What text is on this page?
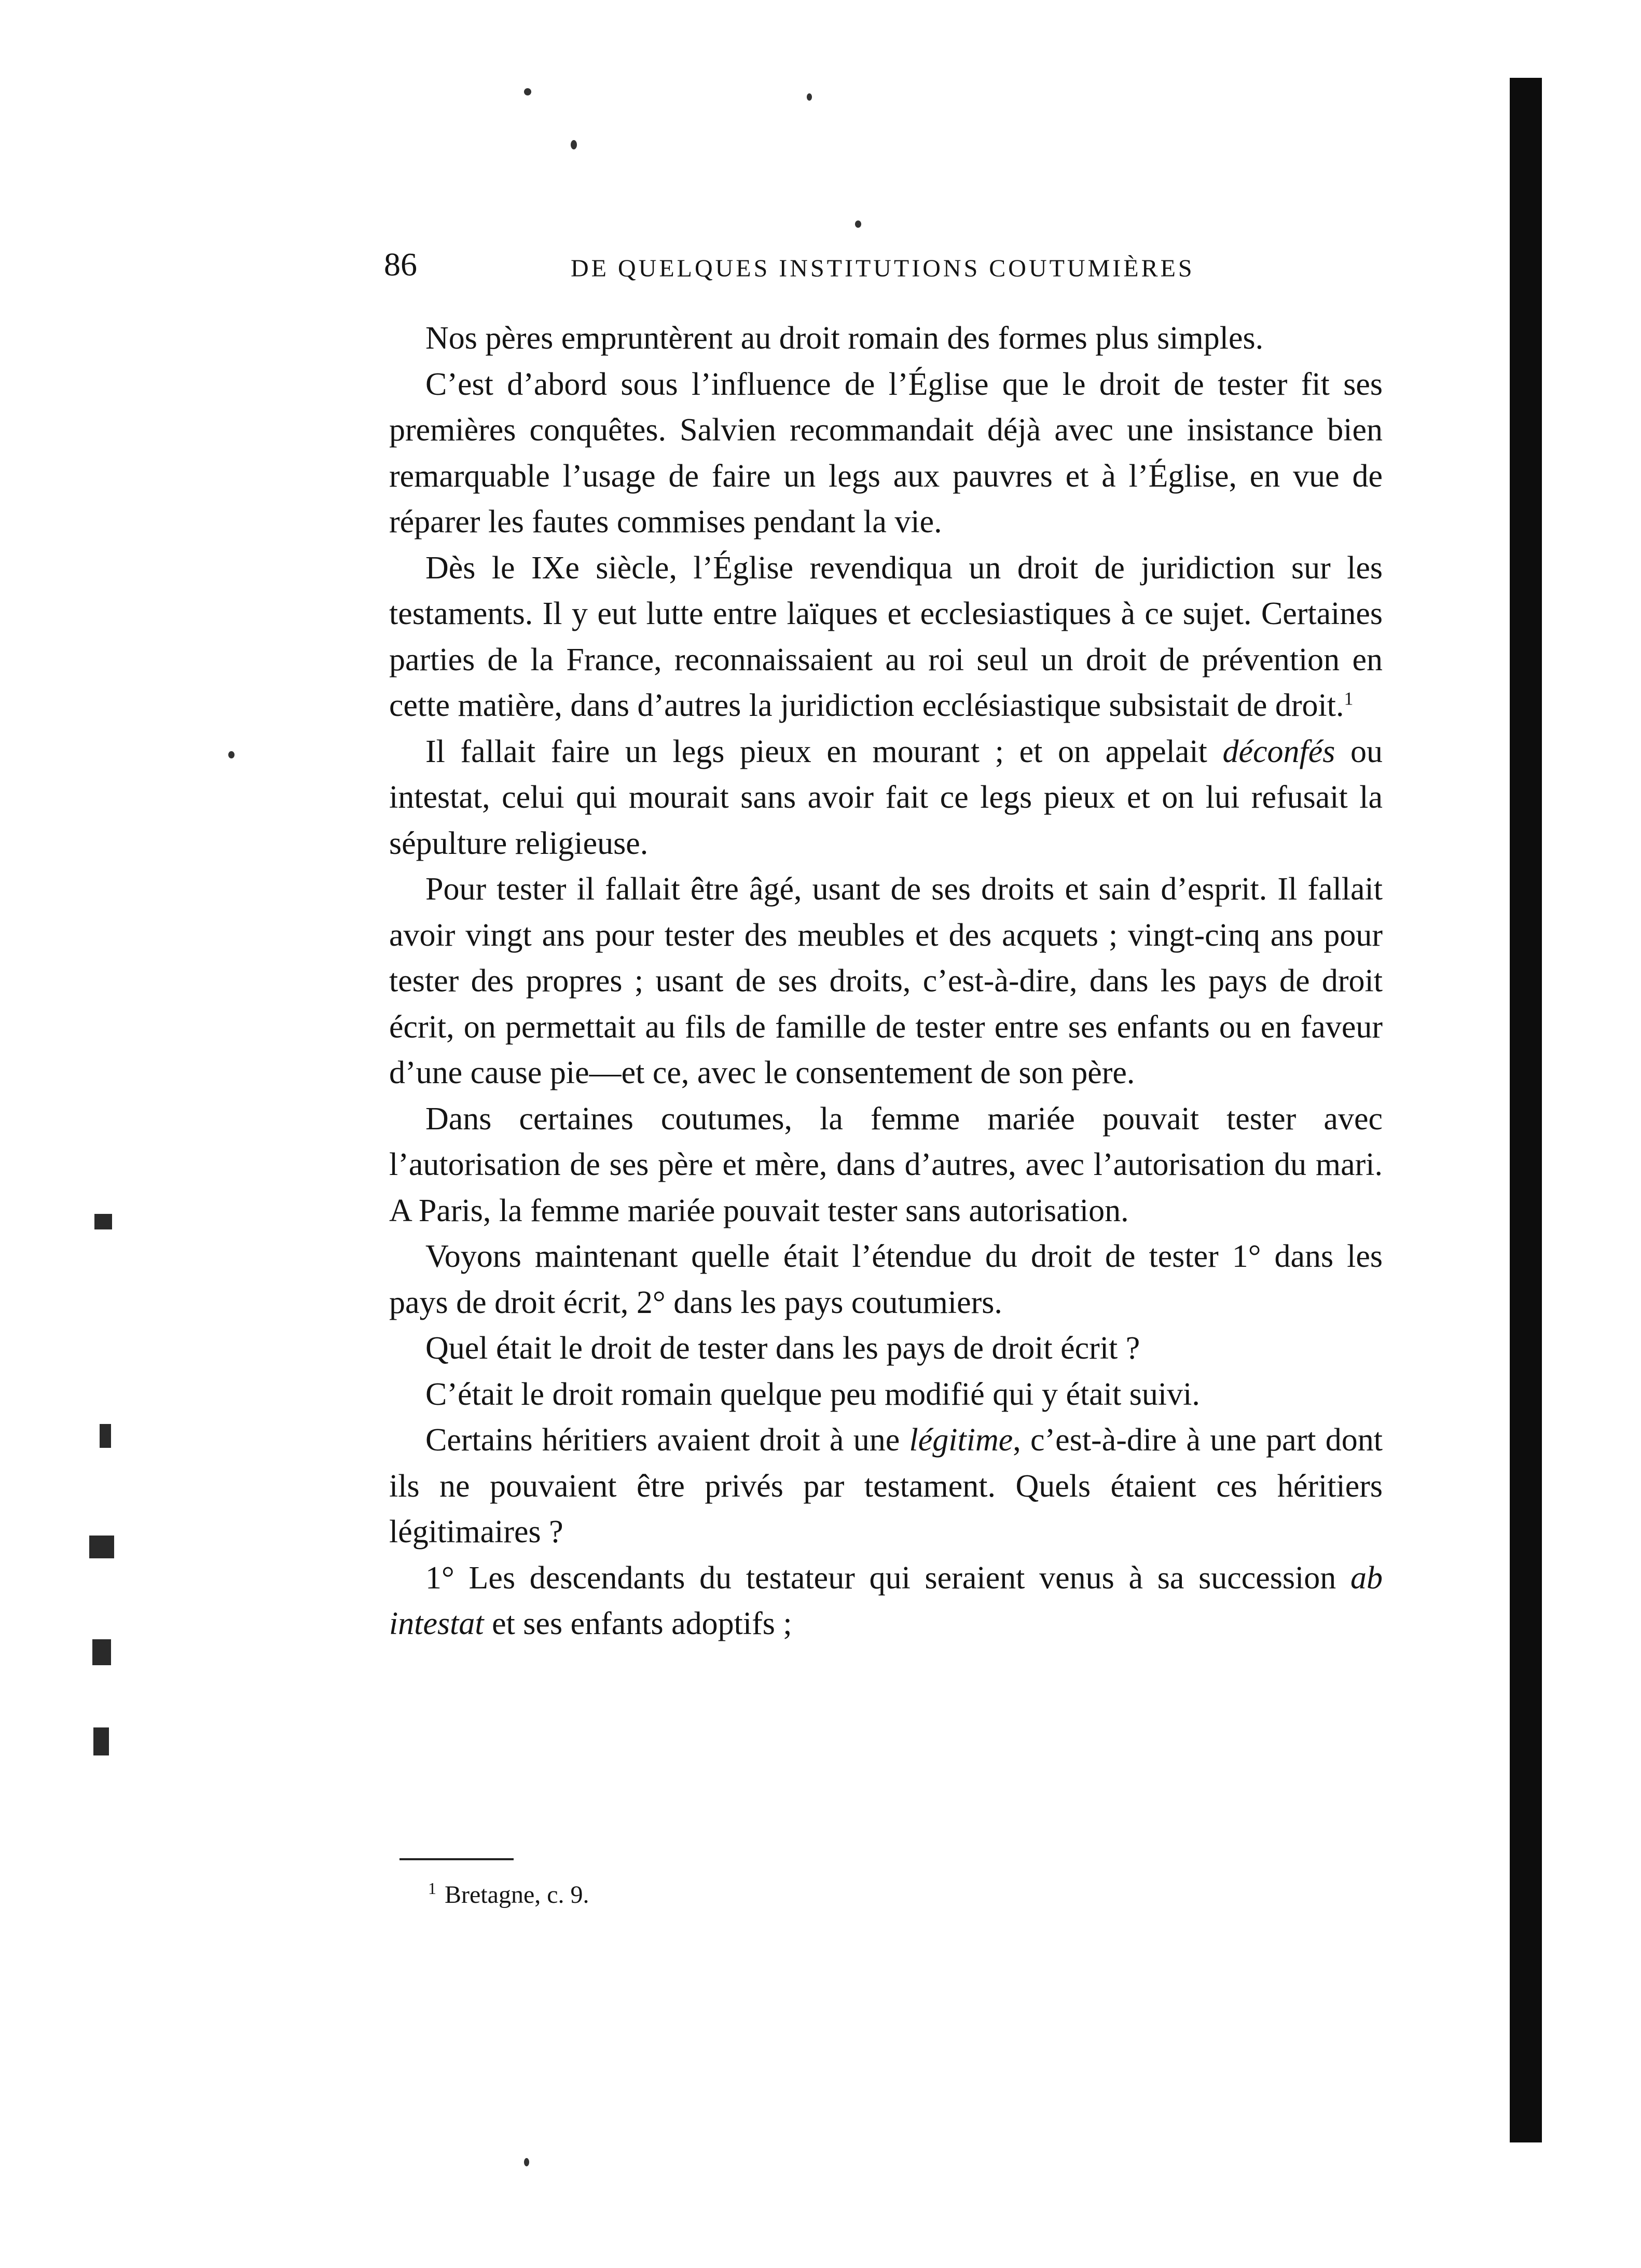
86	DE QUELQUES INSTITUTIONS COUTUMIÈRES

Nos pères empruntèrent au droit romain des formes plus simples.

C’est d’abord sous l’influence de l’Église que le droit de tester fit ses premières conquêtes. Salvien recommandait déjà avec une insistance bien remarquable l’usage de faire un legs aux pauvres et à l’Église, en vue de réparer les fautes commises pendant la vie.

Dès le IXe siècle, l’Église revendiqua un droit de juridiction sur les testaments. Il y eut lutte entre laïques et ecclesiastiques à ce sujet. Certaines parties de la France, reconnaissaient au roi seul un droit de prévention en cette matière, dans d’autres la juridiction ecclésiastique subsistait de droit.$^1$

Il fallait faire un legs pieux en mourant ; et on appelait déconfés ou intestat, celui qui mourait sans avoir fait ce legs pieux et on lui refusait la sépulture religieuse.

Pour tester il fallait être âgé, usant de ses droits et sain d’esprit. Il fallait avoir vingt ans pour tester des meubles et des acquets ; vingt-cinq ans pour tester des propres ; usant de ses droits, c’est-à-dire, dans les pays de droit écrit, on permettait au fils de famille de tester entre ses enfants ou en faveur d’une cause pie—et ce, avec le consentement de son père.

Dans certaines coutumes, la femme mariée pouvait tester avec l’autorisation de ses père et mère, dans d’autres, avec l’autorisation du mari. A Paris, la femme mariée pouvait tester sans autorisation.

Voyons maintenant quelle était l’étendue du droit de tester 1° dans les pays de droit écrit, 2° dans les pays coutumiers.

Quel était le droit de tester dans les pays de droit écrit ?

C’était le droit romain quelque peu modifié qui y était suivi.

Certains héritiers avaient droit à une légitime, c’est-à-dire à une part dont ils ne pouvaient être privés par testament. Quels étaient ces héritiers légitimaires ?

1° Les descendants du testateur qui seraient venus à sa succession ab intestat et ses enfants adoptifs ;

$^1$ Bretagne, c. 9.
